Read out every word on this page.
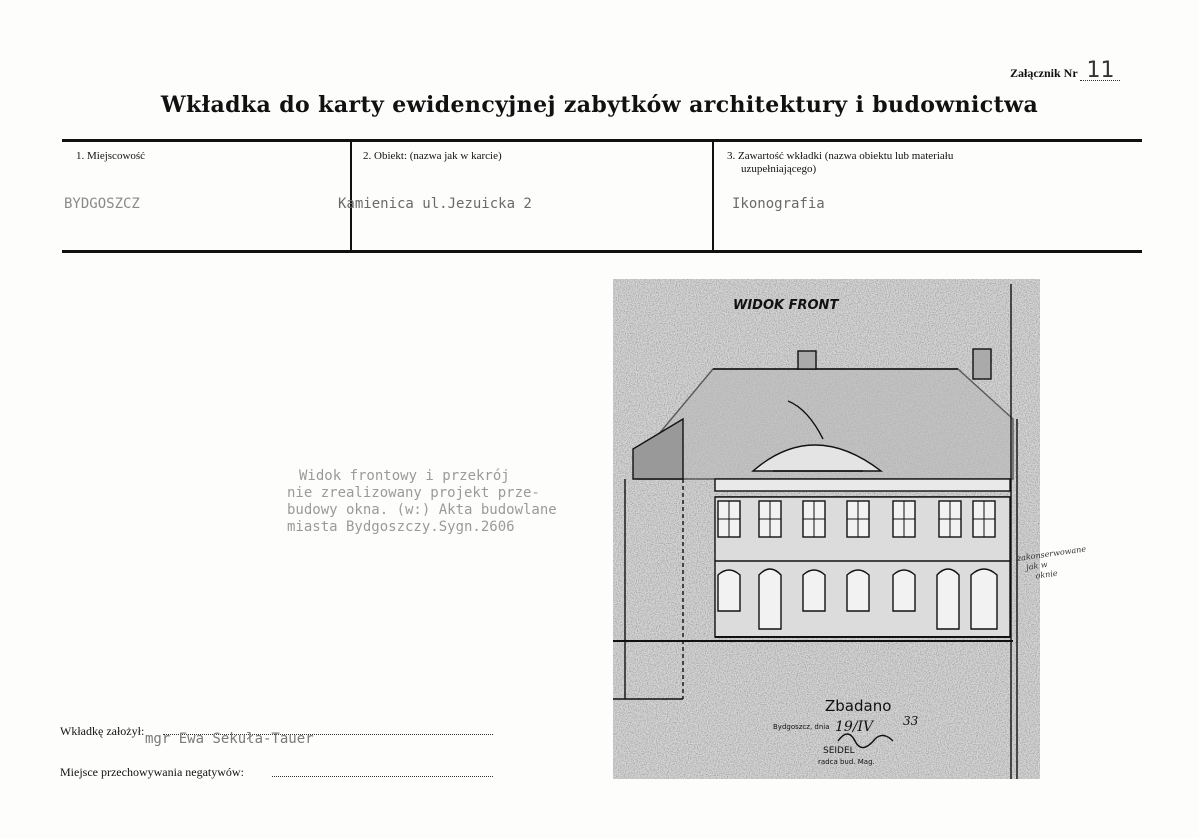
Załącznik Nr 11
Wkładka do karty ewidencyjnej zabytków architektury i budownictwa
1. Miejscowość	2. Obiekt: (nazwa jak w karcie)	3. Zawartość wkładki (nazwa obiektu lub materiału
uzupełniającego)
BYDGOSZCZ	Kamienica ul.Jezuicka 2	Ikonografia
Widok frontowy i przekrój
nie zrealizowany projekt prze-
budowy okna. (w:) Akta budowlane
miasta Bydgoszczy.Sygn.2606
WIDOK FRONT
Zbadano
Bydgoszcz, dnia 19/IV 33
SEIDEL
radca bud. Mag.
zakonserwowane
jak w
oknie
Wkładkę założył: mgr Ewa Sekuła-Tauer
Miejsce przechowywania negatywów:
